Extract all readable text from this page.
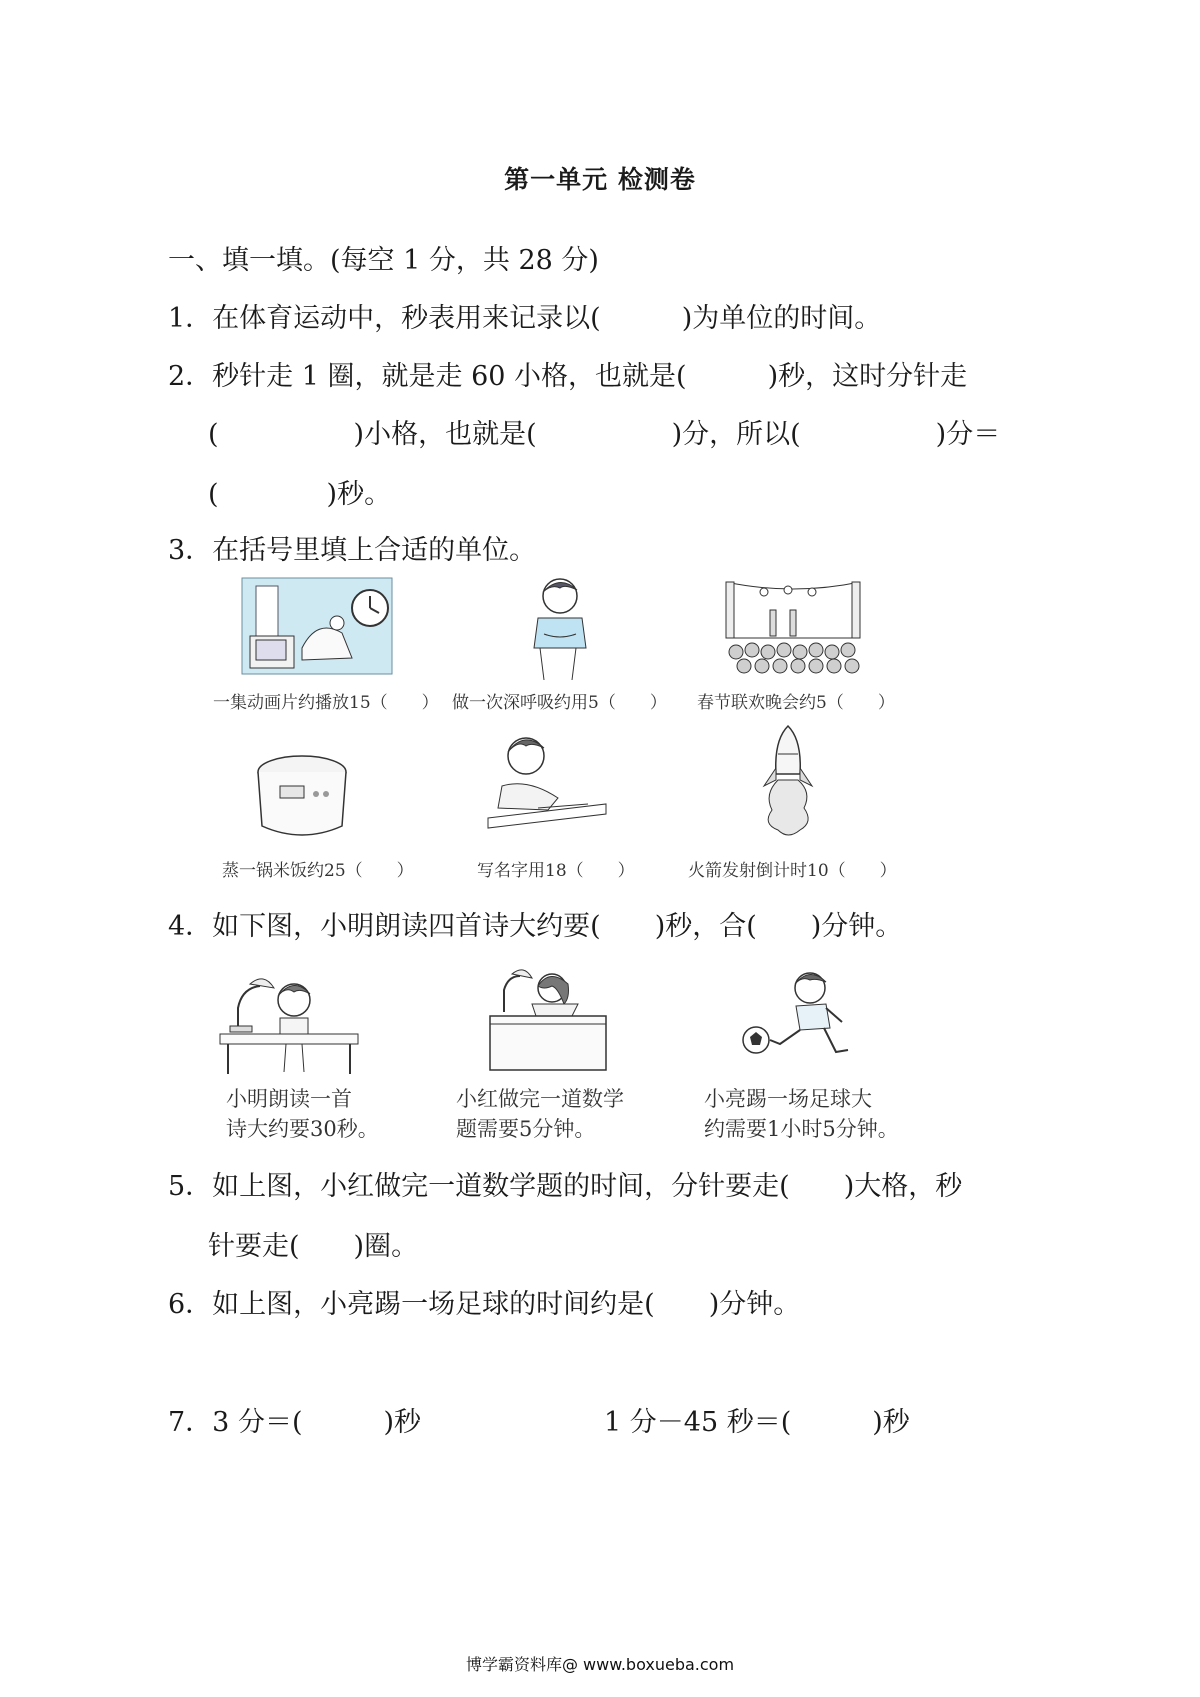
第一单元 检测卷
一、填一填。(每空 1 分，共 28 分)
1．在体育运动中，秒表用来记录以(　　　)为单位的时间。
2．秒针走 1 圈，就是走 60 小格，也就是(　　　)秒，这时分针走
(　　　　　)小格，也就是(　　　　　)分，所以(　　　　　)分＝
(　　　　)秒。
3．在括号里填上合适的单位。
一集动画片约播放15（　　） 做一次深呼吸约用5（　　） 春节联欢晚会约5（　　）
蒸一锅米饭约25（　　）	写名字用18（　　）	火箭发射倒计时10（　　）
4．如下图，小明朗读四首诗大约要(　　)秒，合(　　)分钟。
小明朗读一首
诗大约要30秒。
小红做完一道数学
题需要5分钟。
小亮踢一场足球大
约需要1小时5分钟。
5．如上图，小红做完一道数学题的时间，分针要走(　　)大格，秒
针要走(　　)圈。
6．如上图，小亮踢一场足球的时间约是(　　)分钟。
7．3 分＝(　　　)秒	1 分－45 秒＝(　　　)秒
博学霸资料库@ www.boxueba.com
